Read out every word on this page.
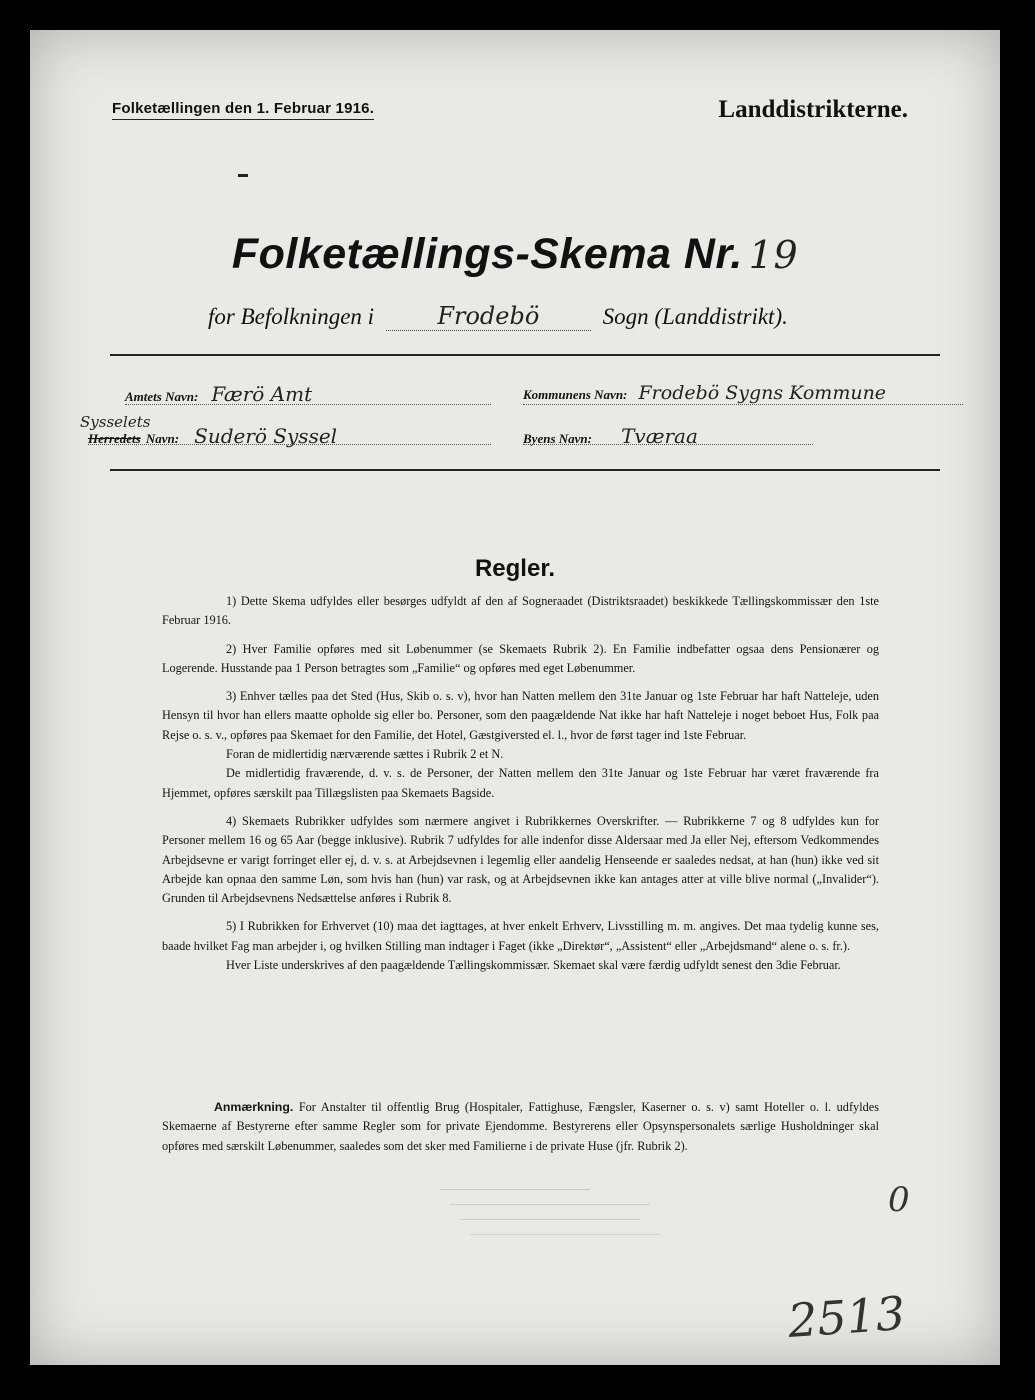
Folketællingen den 1. Februar 1916.	Landdistrikterne.
Folketællings-Skema Nr. 19
for Befolkningen i	Frodebö	Sogn (Landdistrikt).
Amtets Navn: Færö Amt	Kommunens Navn: Frodebö Sygns Kommune
Sysselets
Herredets Navn: Suderö Syssel	Byens Navn: Tværaa
Regler.

1) Dette Skema udfyldes eller besørges udfyldt af den af Sogneraadet (Distriktsraadet) beskikkede Tællingskommissær den 1ste Februar 1916.

2) Hver Familie opføres med sit Løbenummer (se Skemaets Rubrik 2). En Familie indbefatter ogsaa dens Pensionærer og Logerende. Husstande paa 1 Person betragtes som „Familie“ og opføres med eget Løbenummer.

3) Enhver tælles paa det Sted (Hus, Skib o. s. v), hvor han Natten mellem den 31te Januar og 1ste Februar har haft Natteleje, uden Hensyn til hvor han ellers maatte opholde sig eller bo. Personer, som den paagældende Nat ikke har haft Natteleje i noget beboet Hus, Folk paa Rejse o. s. v., opføres paa Skemaet for den Familie, det Hotel, Gæstgiversted el. l., hvor de først tager ind 1ste Februar.

Foran de midlertidig nærværende sættes i Rubrik 2 et N.

De midlertidig fraværende, d. v. s. de Personer, der Natten mellem den 31te Januar og 1ste Februar har været fraværende fra Hjemmet, opføres særskilt paa Tillægslisten paa Skemaets Bagside.

4) Skemaets Rubrikker udfyldes som nærmere angivet i Rubrikkernes Overskrifter. — Rubrikkerne 7 og 8 udfyldes kun for Personer mellem 16 og 65 Aar (begge inklusive). Rubrik 7 udfyldes for alle indenfor disse Aldersaar med Ja eller Nej, eftersom Vedkommendes Arbejdsevne er varigt forringet eller ej, d. v. s. at Arbejdsevnen i legemlig eller aandelig Henseende er saaledes nedsat, at han (hun) ikke ved sit Arbejde kan opnaa den samme Løn, som hvis han (hun) var rask, og at Arbejdsevnen ikke kan antages atter at ville blive normal („Invalider“). Grunden til Arbejdsevnens Nedsættelse anføres i Rubrik 8.

5) I Rubrikken for Erhvervet (10) maa det iagttages, at hver enkelt Erhverv, Livsstilling m. m. angives. Det maa tydelig kunne ses, baade hvilket Fag man arbejder i, og hvilken Stilling man indtager i Faget (ikke „Direktør“, „Assistent“ eller „Arbejdsmand“ alene o. s. fr.).

Hver Liste underskrives af den paagældende Tællingskommissær. Skemaet skal være færdig udfyldt senest den 3die Februar.

Anmærkning. For Anstalter til offentlig Brug (Hospitaler, Fattighuse, Fængsler, Kaserner o. s. v) samt Hoteller o. l. udfyldes Skemaerne af Bestyrerne efter samme Regler som for private Ejendomme. Bestyrerens eller Opsynspersonalets særlige Husholdninger skal opføres med særskilt Løbenummer, saaledes som det sker med Familierne i de private Huse (jfr. Rubrik 2).

0
2513
